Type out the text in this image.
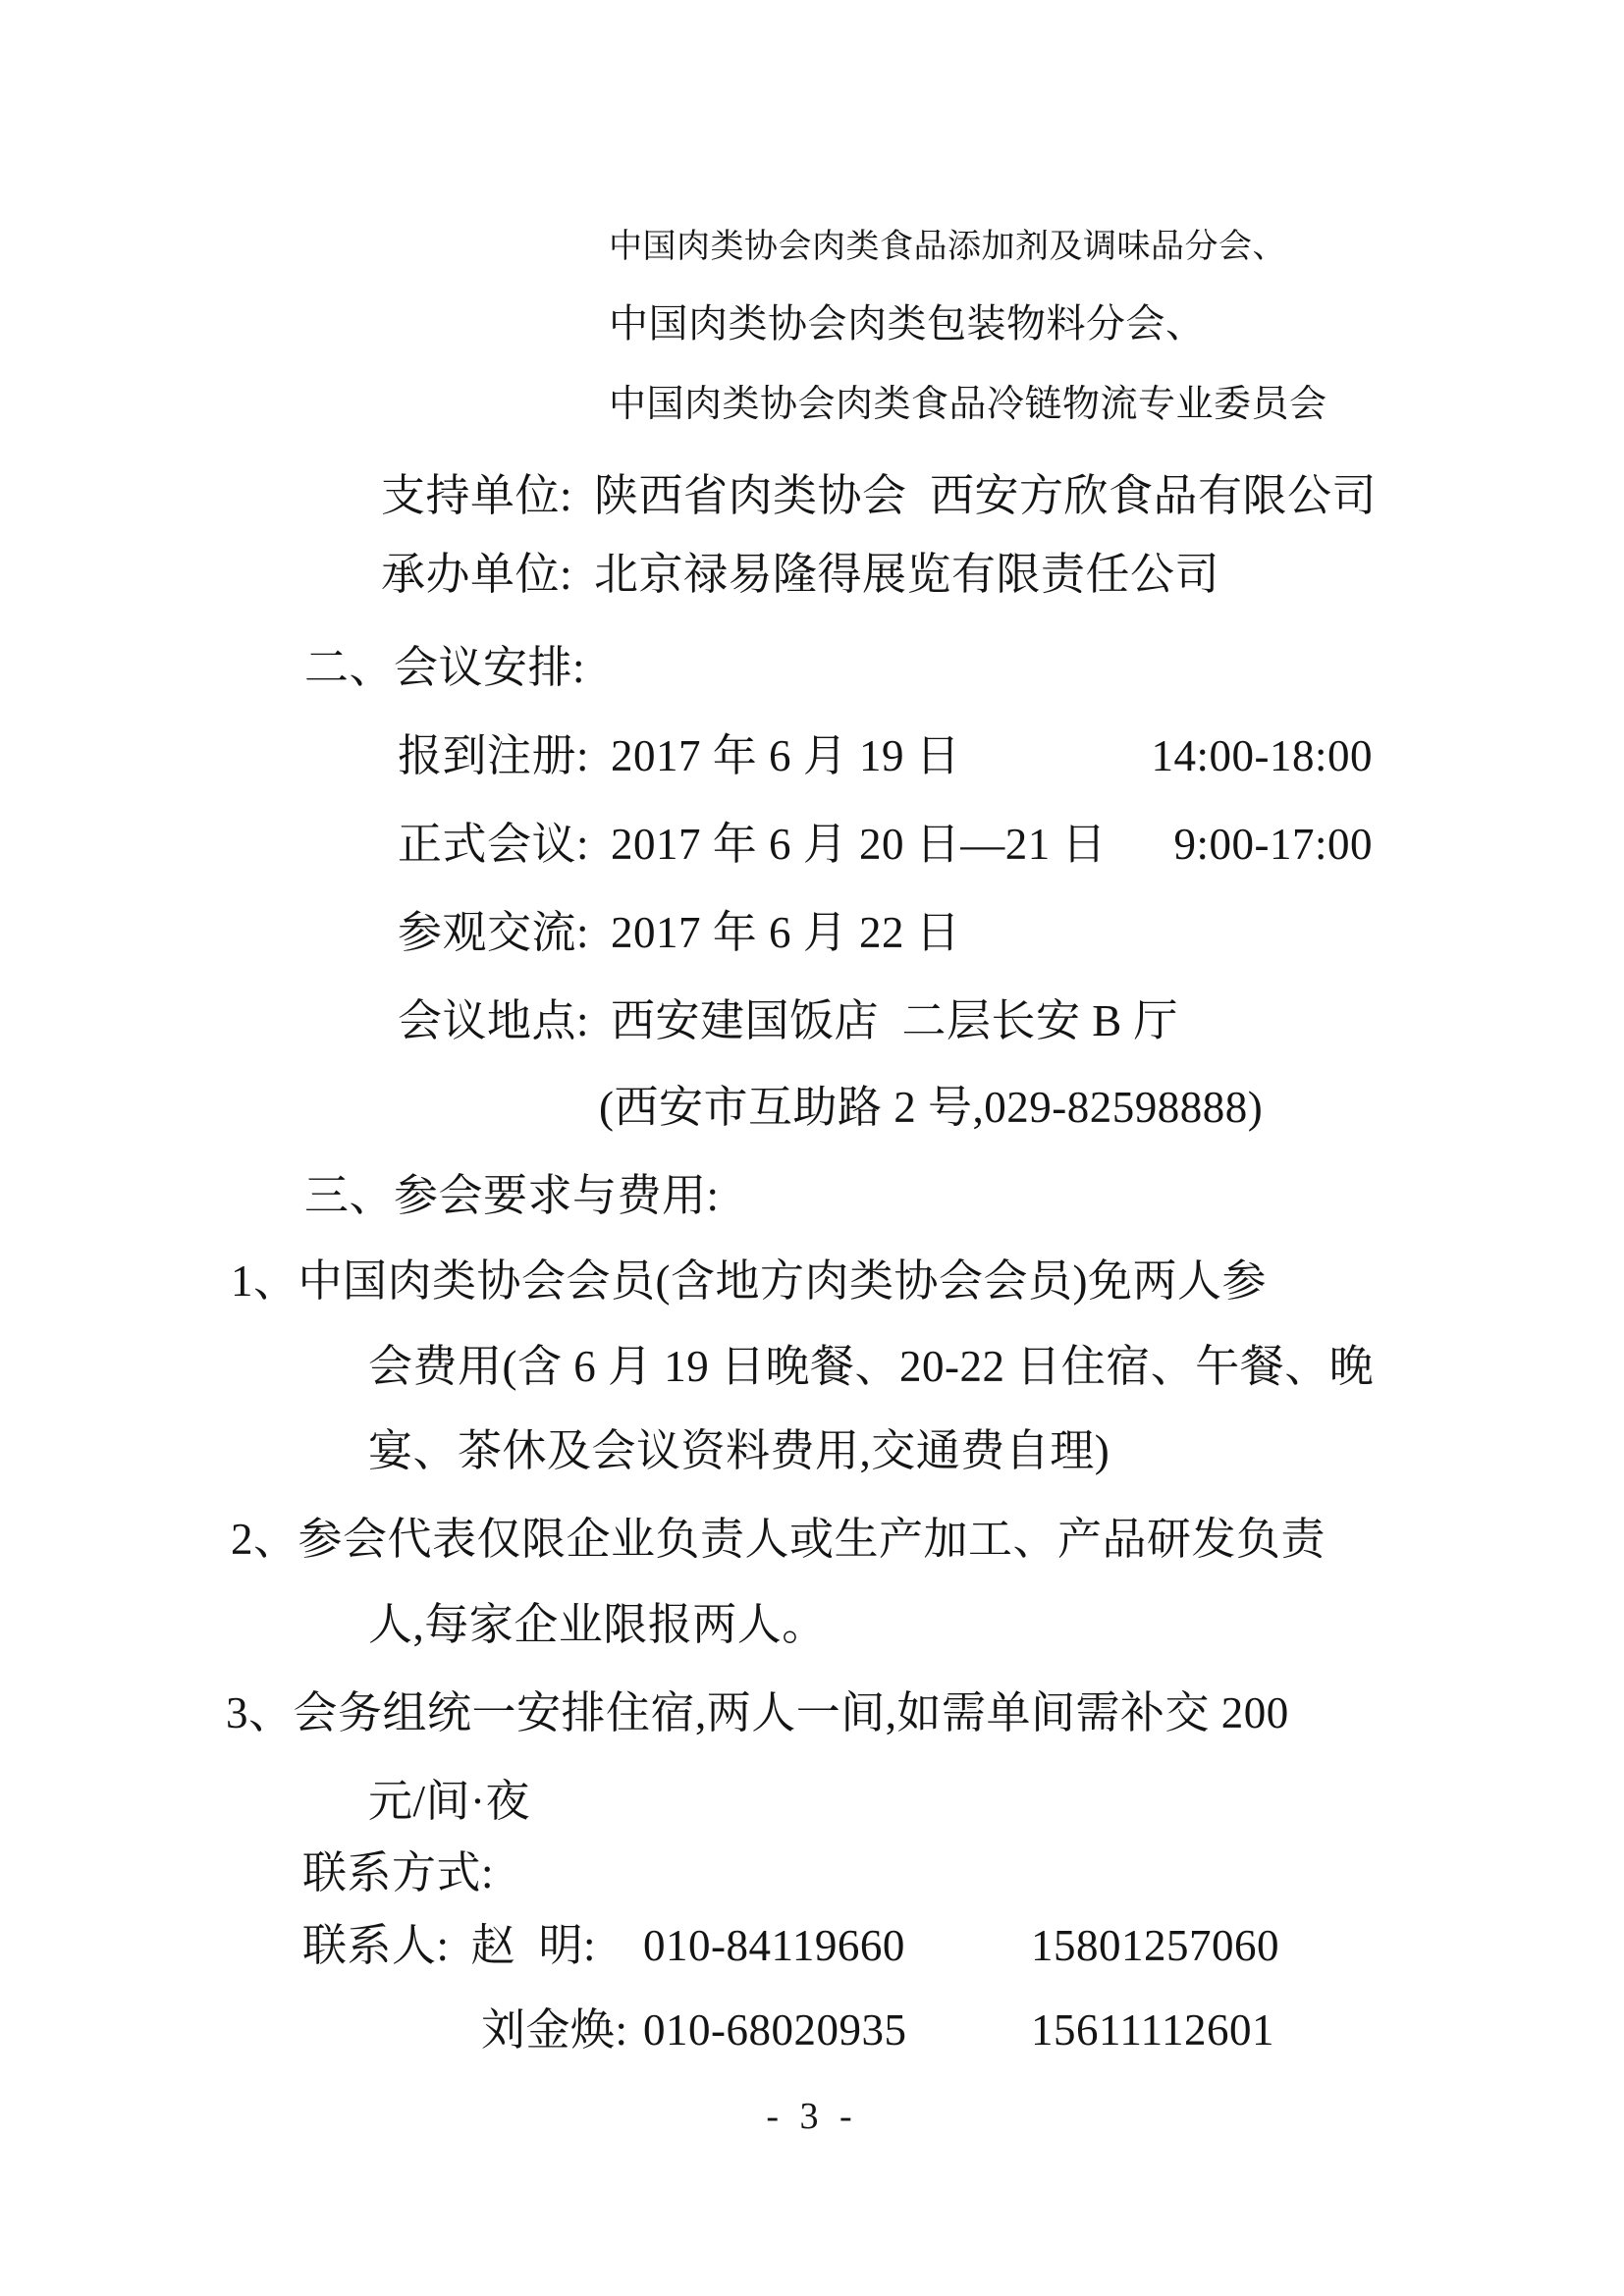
中国肉类协会肉类食品添加剂及调味品分会、
中国肉类协会肉类包装物料分会、
中国肉类协会肉类食品冷链物流专业委员会
支持单位: 陕西省肉类协会  西安方欣食品有限公司
承办单位: 北京禄易隆得展览有限责任公司
二、会议安排:
报到注册: 2017 年 6 月 19 日	14:00-18:00
正式会议: 2017 年 6 月 20 日—21 日	9:00-17:00
参观交流: 2017 年 6 月 22 日
会议地点: 西安建国饭店  二层长安 B 厅
(西安市互助路 2 号,029-82598888)
三、参会要求与费用:
1、中国肉类协会会员(含地方肉类协会会员)免两人参
会费用(含 6 月 19 日晚餐、20-22 日住宿、午餐、晚
宴、茶休及会议资料费用,交通费自理)
2、参会代表仅限企业负责人或生产加工、产品研发负责
人,每家企业限报两人。
3、会务组统一安排住宿,两人一间,如需单间需补交 200
元/间·夜
联系方式:
联系人: 赵  明: 010-84119660	15801257060
刘金焕: 010-68020935	15611112601
- 3 -
